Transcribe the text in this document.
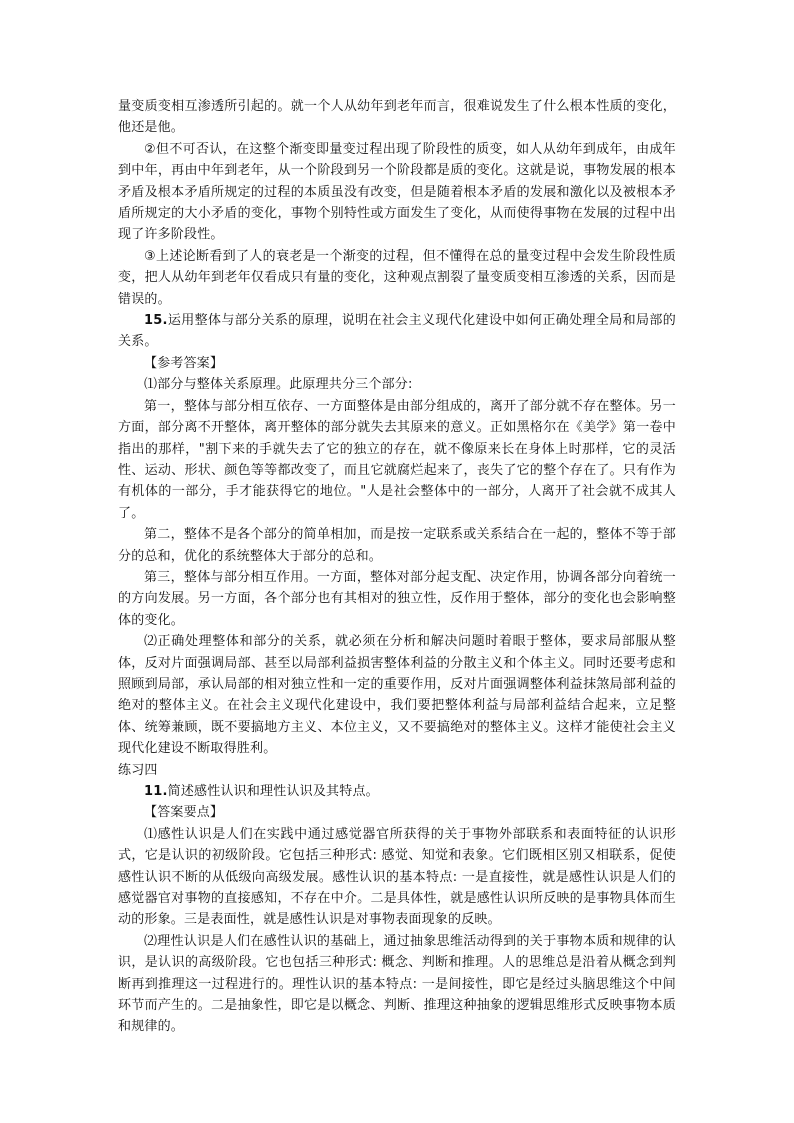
量变质变相互渗透所引起的。就一个人从幼年到老年而言，很难说发生了什么根本性质的变化，他还是他。

②但不可否认，在这整个渐变即量变过程出现了阶段性的质变，如人从幼年到成年，由成年到中年，再由中年到老年，从一个阶段到另一个阶段都是质的变化。这就是说，事物发展的根本矛盾及根本矛盾所规定的过程的本质虽没有改变，但是随着根本矛盾的发展和激化以及被根本矛盾所规定的大小矛盾的变化，事物个别特性或方面发生了变化，从而使得事物在发展的过程中出现了许多阶段性。

③上述论断看到了人的衰老是一个渐变的过程，但不懂得在总的量变过程中会发生阶段性质变，把人从幼年到老年仅看成只有量的变化，这种观点割裂了量变质变相互渗透的关系，因而是错误的。

15.运用整体与部分关系的原理，说明在社会主义现代化建设中如何正确处理全局和局部的关系。

【参考答案】

⑴部分与整体关系原理。此原理共分三个部分:

第一，整体与部分相互依存、一方面整体是由部分组成的，离开了部分就不存在整体。另一方面，部分离不开整体，离开整体的部分就失去其原来的意义。正如黑格尔在《美学》第一卷中指出的那样，"割下来的手就失去了它的独立的存在，就不像原来长在身体上时那样，它的灵活性、运动、形状、颜色等等都改变了，而且它就腐烂起来了，丧失了它的整个存在了。只有作为有机体的一部分，手才能获得它的地位。"人是社会整体中的一部分，人离开了社会就不成其人了。

第二，整体不是各个部分的简单相加，而是按一定联系或关系结合在一起的，整体不等于部分的总和，优化的系统整体大于部分的总和。

第三，整体与部分相互作用。一方面，整体对部分起支配、决定作用，协调各部分向着统一的方向发展。另一方面，各个部分也有其相对的独立性，反作用于整体，部分的变化也会影响整体的变化。

⑵正确处理整体和部分的关系，就必须在分析和解决问题时着眼于整体，要求局部服从整体，反对片面强调局部、甚至以局部利益损害整体利益的分散主义和个体主义。同时还要考虑和照顾到局部，承认局部的相对独立性和一定的重要作用，反对片面强调整体利益抹煞局部利益的绝对的整体主义。在社会主义现代化建设中，我们要把整体利益与局部利益结合起来，立足整体、统筹兼顾，既不要搞地方主义、本位主义，又不要搞绝对的整体主义。这样才能使社会主义现代化建设不断取得胜利。

练习四

11.简述感性认识和理性认识及其特点。

【答案要点】

⑴感性认识是人们在实践中通过感觉器官所获得的关于事物外部联系和表面特征的认识形式，它是认识的初级阶段。它包括三种形式: 感觉、知觉和表象。它们既相区别又相联系，促使感性认识不断的从低级向高级发展。感性认识的基本特点: 一是直接性，就是感性认识是人们的感觉器官对事物的直接感知，不存在中介。二是具体性，就是感性认识所反映的是事物具体而生动的形象。三是表面性，就是感性认识是对事物表面现象的反映。

⑵理性认识是人们在感性认识的基础上，通过抽象思维活动得到的关于事物本质和规律的认识，是认识的高级阶段。它也包括三种形式: 概念、判断和推理。人的思维总是沿着从概念到判断再到推理这一过程进行的。理性认识的基本特点: 一是间接性，即它是经过头脑思维这个中间环节而产生的。二是抽象性，即它是以概念、判断、推理这种抽象的逻辑思维形式反映事物本质和规律的。
